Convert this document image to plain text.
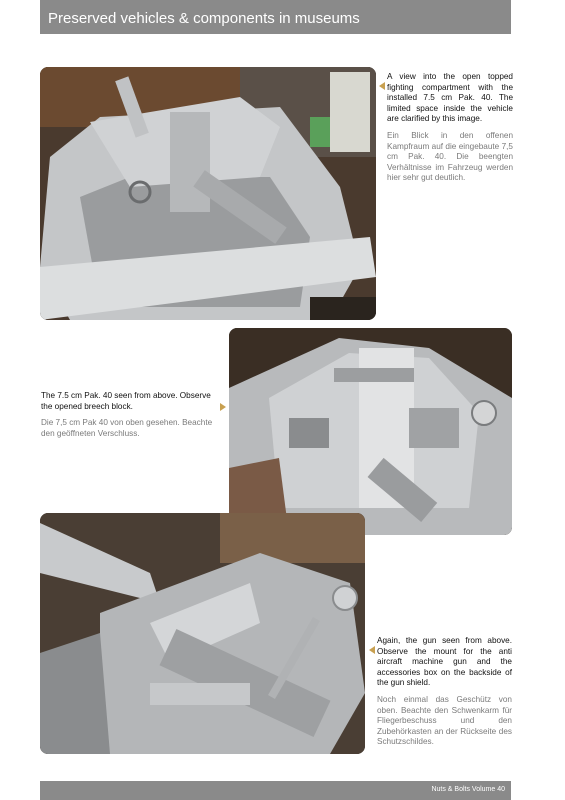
Preserved vehicles & components in museums
A view into the open topped fighting compartment with the installed 7.5 cm Pak. 40. The limited space inside the vehicle are clarified by this image.
Ein Blick in den offenen Kampfraum auf die eingebaute 7,5 cm Pak. 40. Die beengten Verhältnisse im Fahrzeug werden hier sehr gut deutlich.
The 7.5 cm Pak. 40 seen from above. Observe the opened breech block.
Die 7,5 cm Pak 40 von oben gesehen. Beachte den geöffneten Verschluss.
Again, the gun seen from above. Observe the mount for the anti aircraft machine gun and the accessories box on the backside of the gun shield.
Noch einmal das Geschütz von oben. Beachte den Schwenkarm für Fliegerbeschuss und den Zubehörkasten an der Rückseite des Schutzschildes.
Nuts & Bolts Volume 40
